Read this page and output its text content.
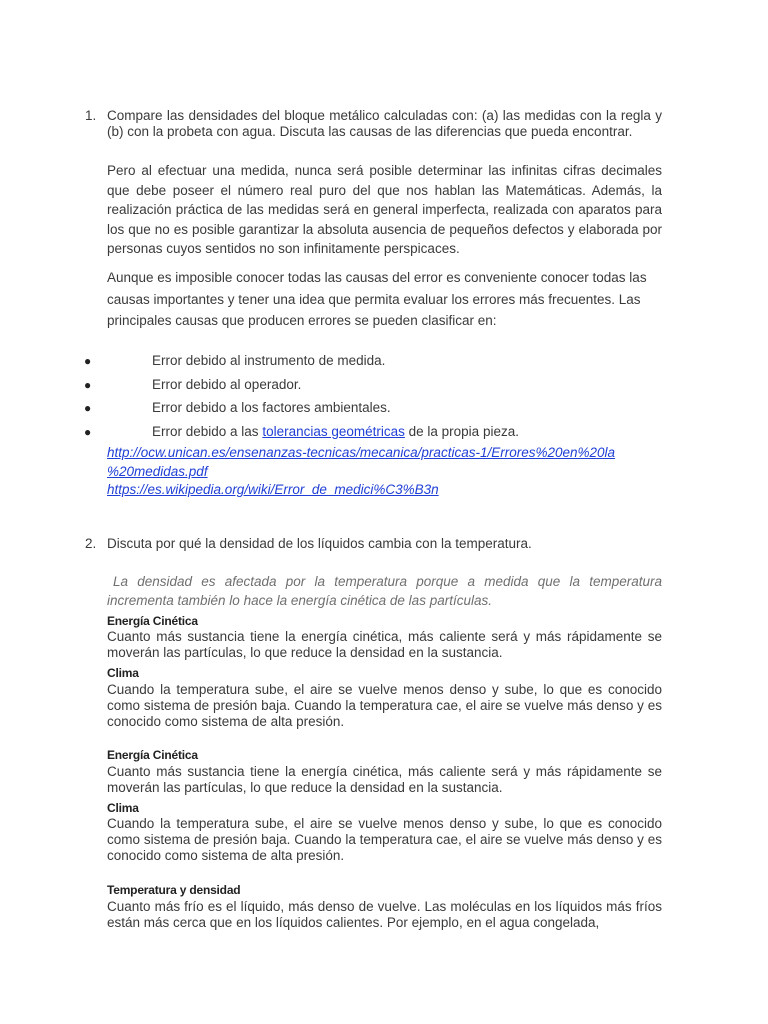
1. Compare las densidades del bloque metálico calculadas con: (a) las medidas con la regla y (b) con la probeta con agua. Discuta las causas de las diferencias que pueda encontrar.
Pero al efectuar una medida, nunca será posible determinar las infinitas cifras decimales que debe poseer el número real puro del que nos hablan las Matemáticas. Además, la realización práctica de las medidas será en general imperfecta, realizada con aparatos para los que no es posible garantizar la absoluta ausencia de pequeños defectos y elaborada por personas cuyos sentidos no son infinitamente perspicaces.
Aunque es imposible conocer todas las causas del error es conveniente conocer todas las causas importantes y tener una idea que permita evaluar los errores más frecuentes. Las principales causas que producen errores se pueden clasificar en:
●	Error debido al instrumento de medida.
●	Error debido al operador.
●	Error debido a los factores ambientales.
●	Error debido a las tolerancias geométricas de la propia pieza.
http://ocw.unican.es/ensenanzas-tecnicas/mecanica/practicas-1/Errores%20en%20la
%20medidas.pdf
https://es.wikipedia.org/wiki/Error_de_medici%C3%B3n
2. Discuta por qué la densidad de los líquidos cambia con la temperatura.
La densidad es afectada por la temperatura porque a medida que la temperatura incrementa también lo hace la energía cinética de las partículas.
Energía Cinética
Cuanto más sustancia tiene la energía cinética, más caliente será y más rápidamente se moverán las partículas, lo que reduce la densidad en la sustancia.
Clima
Cuando la temperatura sube, el aire se vuelve menos denso y sube, lo que es conocido como sistema de presión baja. Cuando la temperatura cae, el aire se vuelve más denso y es conocido como sistema de alta presión.
Energía Cinética
Cuanto más sustancia tiene la energía cinética, más caliente será y más rápidamente se moverán las partículas, lo que reduce la densidad en la sustancia.
Clima
Cuando la temperatura sube, el aire se vuelve menos denso y sube, lo que es conocido como sistema de presión baja. Cuando la temperatura cae, el aire se vuelve más denso y es conocido como sistema de alta presión.
Temperatura y densidad
Cuanto más frío es el líquido, más denso de vuelve. Las moléculas en los líquidos más fríos están más cerca que en los líquidos calientes. Por ejemplo, en el agua congelada,
